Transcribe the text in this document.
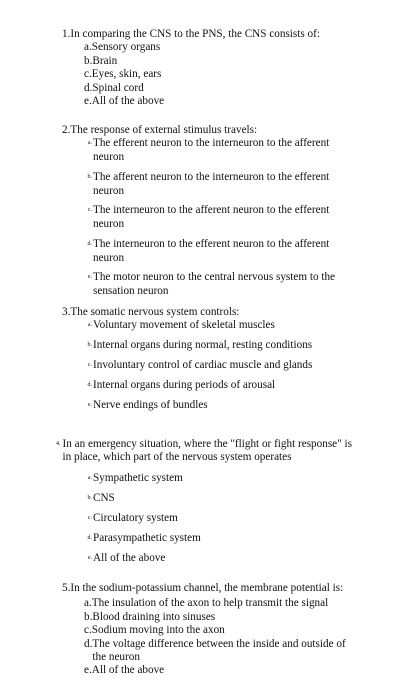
1. In comparing the CNS to the PNS, the CNS consists of:
a. Sensory organs
b. Brain
c. Eyes, skin, ears
d. Spinal cord
e. All of the above
2. The response of external stimulus travels:
a. The efferent neuron to the interneuron to the afferent neuron
b. The afferent neuron to the interneuron to the efferent neuron
c. The interneuron to the afferent neuron to the efferent neuron
d. The interneuron to the efferent neuron to the afferent neuron
e. The motor neuron to the central nervous system to the sensation neuron
3. The somatic nervous system controls:
a. Voluntary movement of skeletal muscles
b. Internal organs during normal, resting conditions
c. Involuntary control of cardiac muscle and glands
d. Internal organs during periods of arousal
e. Nerve endings of bundles
4. In an emergency situation, where the "flight or fight response" is in place, which part of the nervous system operates
a. Sympathetic system
b. CNS
c. Circulatory system
d. Parasympathetic system
e. All of the above
5. In the sodium-potassium channel, the membrane potential is:
a. The insulation of the axon to help transmit the signal
b. Blood draining into sinuses
c. Sodium moving into the axon
d. The voltage difference between the inside and outside of the neuron
e. All of the above
